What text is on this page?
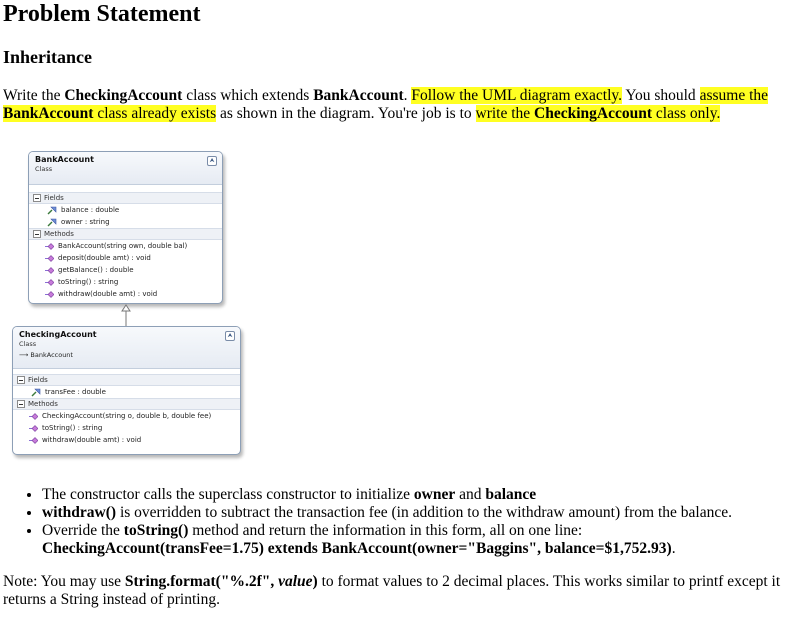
Problem Statement
Inheritance

Write the CheckingAccount class which extends BankAccount. Follow the UML diagram exactly. You should assume the BankAccount class already exists as shown in the diagram. You're job is to write the CheckingAccount class only.

BankAccount
Class
⮝
Fields
balance : double
owner : string
Methods
BankAccount(string own, double bal)
deposit(double amt) : void
getBalance() : double
toString() : string
withdraw(double amt) : void
CheckingAccount
Class
⟶ BankAccount
⮝
Fields
transFee : double
Methods
CheckingAccount(string o, double b, double fee)
toString() : string
withdraw(double amt) : void
• The constructor calls the superclass constructor to initialize owner and balance
• withdraw() is overridden to subtract the transaction fee (in addition to the withdraw amount) from the balance.
• Override the toString() method and return the information in this form, all on one line:
CheckingAccount(transFee=1.75) extends BankAccount(owner="Baggins", balance=$1,752.93).

Note: You may use String.format("%.2f", value) to format values to 2 decimal places. This works similar to printf except it returns a String instead of printing.
